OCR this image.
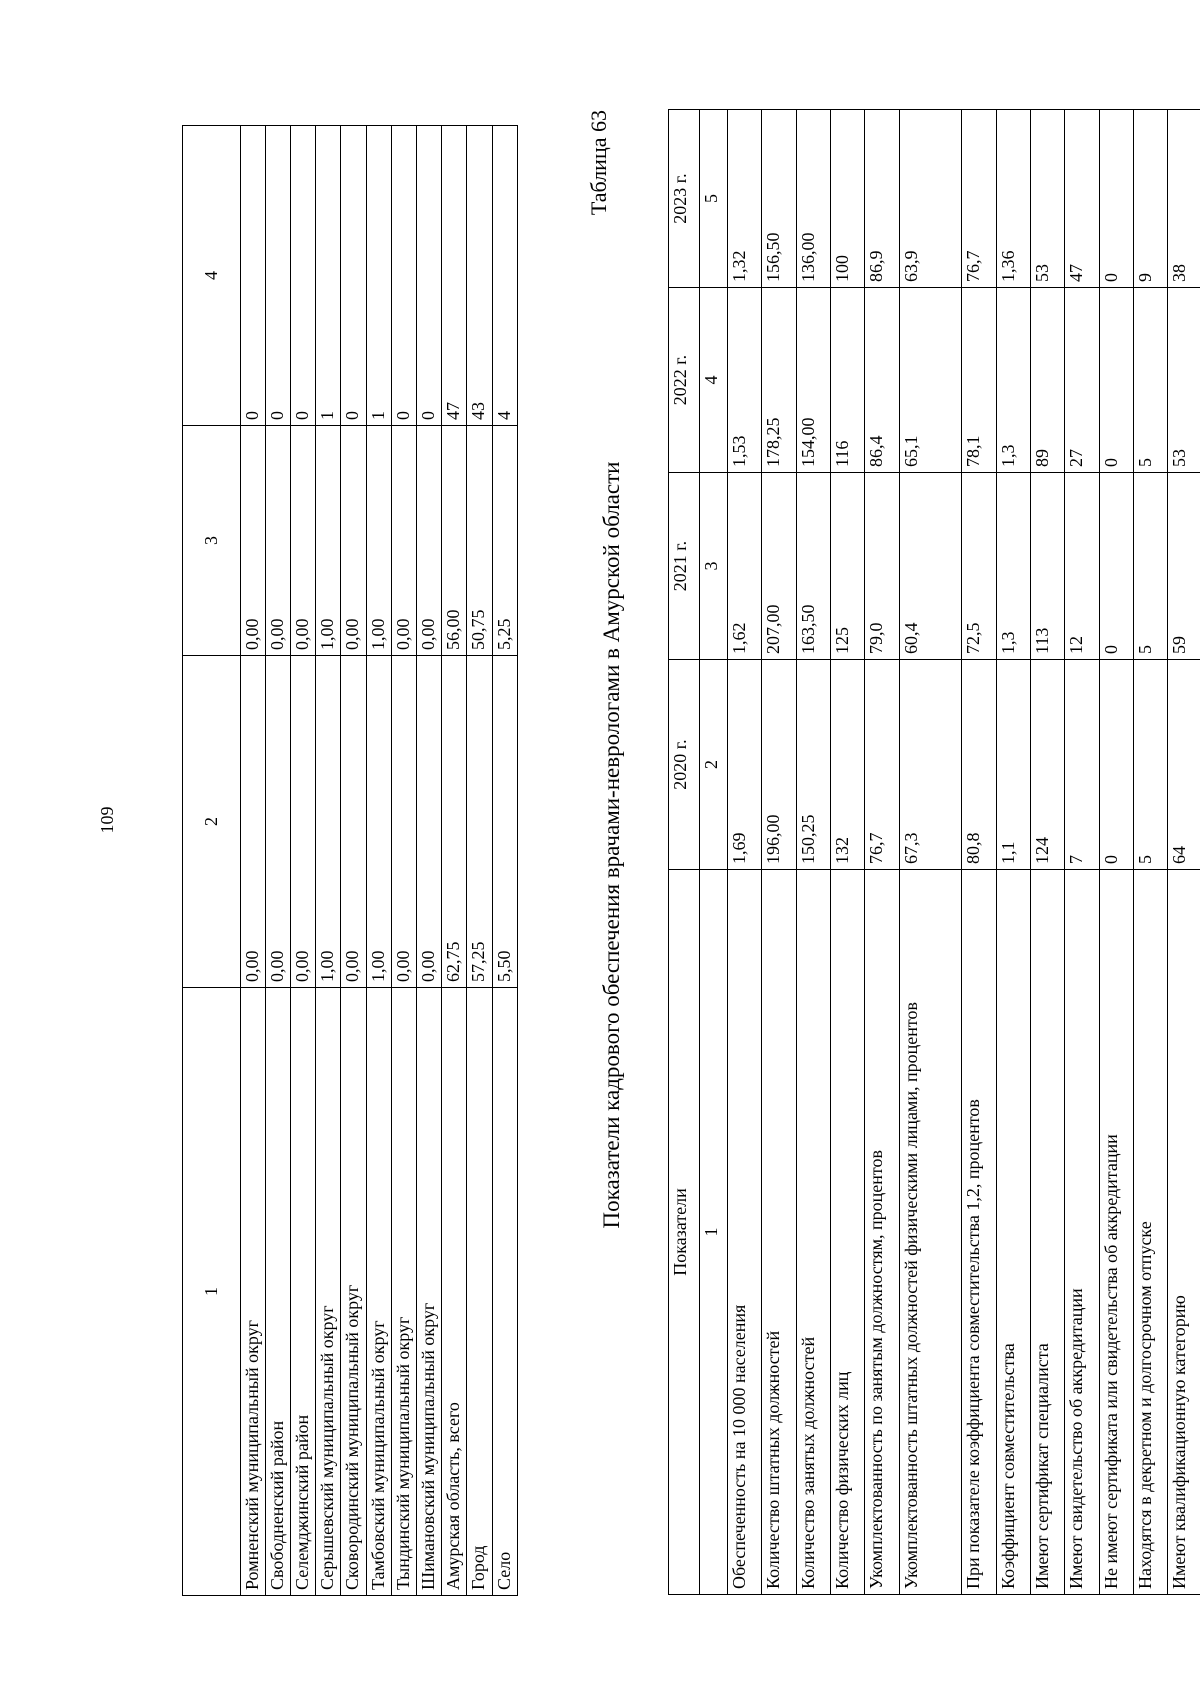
109
1	2	3	4
Ромненский муниципальный округ	0,00	0,00	0
Свободненский район	0,00	0,00	0
Селемджинский район	0,00	0,00	0
Серышевский муниципальный округ	1,00	1,00	1
Сковородинский муниципальный округ	0,00	0,00	0
Тамбовский муниципальный округ	1,00	1,00	1
Тындинский муниципальный округ	0,00	0,00	0
Шимановский муниципальный округ	0,00	0,00	0
Амурская область, всего	62,75	56,00	47
Город	57,25	50,75	43
Село	5,50	5,25	4
Таблица 63
Показатели кадрового обеспечения врачами-неврологами в Амурской области
Показатели	2020 г.	2021 г.	2022 г.	2023 г.
1	2	3	4	5
Обеспеченность на 10 000 населения	1,69	1,62	1,53	1,32
Количество штатных должностей	196,00	207,00	178,25	156,50
Количество занятых должностей	150,25	163,50	154,00	136,00
Количество физических лиц	132	125	116	100
Укомплектованность по занятым должностям, процентов	76,7	79,0	86,4	86,9
Укомплектованность штатных должностей физическими лицами, процентов	67,3	60,4	65,1	63,9
При показателе коэффициента совместительства 1,2, процентов	80,8	72,5	78,1	76,7
Коэффициент совместительства	1,1	1,3	1,3	1,36
Имеют сертификат специалиста	124	113	89	53
Имеют свидетельство об аккредитации	7	12	27	47
Не имеют сертификата или свидетельства об аккредитации	0	0	0	0
Находятся в декретном и долгосрочном отпуске	5	5	5	9
Имеют квалификационную категорию	64	59	53	38
